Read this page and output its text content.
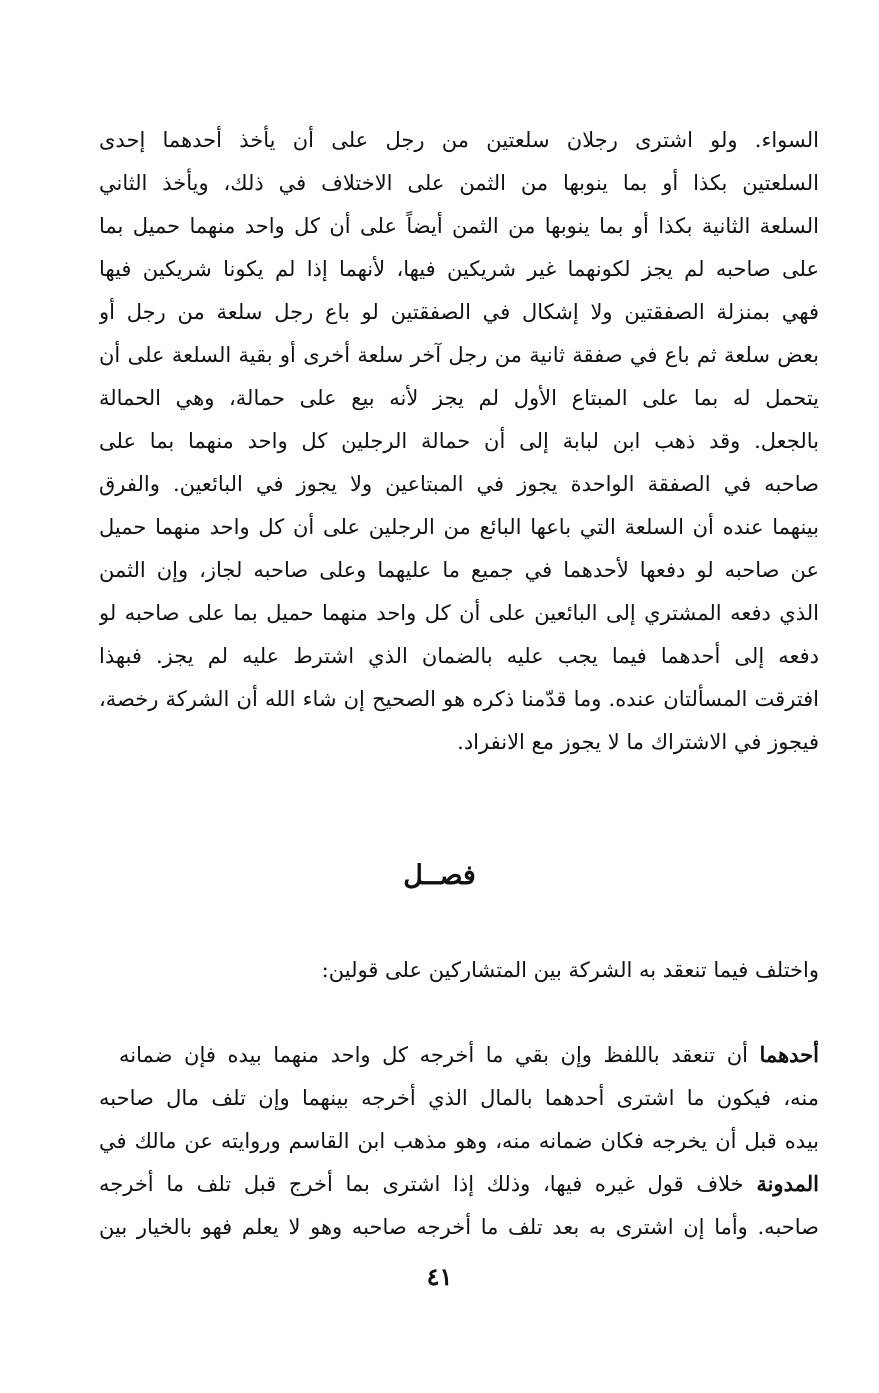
السواء. ولو اشترى رجلان سلعتين من رجل على أن يأخذ أحدهما إحدى
السلعتين بكذا أو بما ينوبها من الثمن على الاختلاف في ذلك، ويأخذ الثاني
السلعة الثانية بكذا أو بما ينوبها من الثمن أيضاً على أن كل واحد منهما حميل بما
على صاحبه لم يجز لكونهما غير شريكين فيها، لأنهما إذا لم يكونا شريكين فيها
فهي بمنزلة الصفقتين ولا إشكال في الصفقتين لو باع رجل سلعة من رجل أو
بعض سلعة ثم باع في صفقة ثانية من رجل آخر سلعة أخرى أو بقية السلعة على أن
يتحمل له بما على المبتاع الأول لم يجز لأنه بيع على حمالة، وهي الحمالة
بالجعل. وقد ذهب ابن لبابة إلى أن حمالة الرجلين كل واحد منهما بما على
صاحبه في الصفقة الواحدة يجوز في المبتاعين ولا يجوز في البائعين. والفرق
بينهما عنده أن السلعة التي باعها البائع من الرجلين على أن كل واحد منهما حميل
عن صاحبه لو دفعها لأحدهما في جميع ما عليهما وعلى صاحبه لجاز، وإن الثمن
الذي دفعه المشتري إلى البائعين على أن كل واحد منهما حميل بما على صاحبه لو
دفعه إلى أحدهما فيما يجب عليه بالضمان الذي اشترط عليه لم يجز. فبهذا
افترقت المسألتان عنده. وما قدّمنا ذكره هو الصحيح إن شاء الله أن الشركة رخصة،
فيجوز في الاشتراك ما لا يجوز مع الانفراد.
فصــل
واختلف فيما تنعقد به الشركة بين المتشاركين على قولين:
أحدهما أن تنعقد باللفظ وإن بقي ما أخرجه كل واحد منهما بيده فإن ضمانه
منه، فيكون ما اشترى أحدهما بالمال الذي أخرجه بينهما وإن تلف مال صاحبه
بيده قبل أن يخرجه فكان ضمانه منه، وهو مذهب ابن القاسم وروايته عن مالك في
المدونة خلاف قول غيره فيها، وذلك إذا اشترى بما أخرج قبل تلف ما أخرجه
صاحبه. وأما إن اشترى به بعد تلف ما أخرجه صاحبه وهو لا يعلم فهو بالخيار بين
٤١
